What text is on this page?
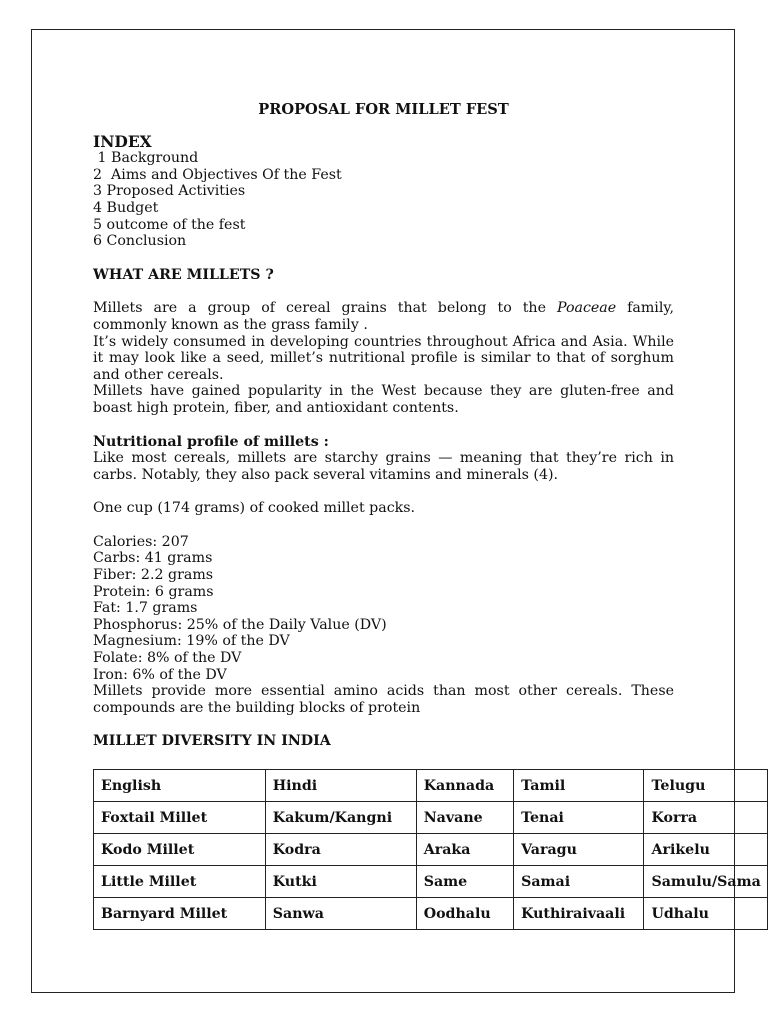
PROPOSAL FOR MILLET FEST

INDEX

1 Background
2  Aims and Objectives Of the Fest
3 Proposed Activities
4 Budget
5 outcome of the fest
6 Conclusion

WHAT ARE MILLETS ?

Millets are a group of cereal grains that belong to the Poaceae family, commonly known as the grass family .

It’s widely consumed in developing countries throughout Africa and Asia. While it may look like a seed, millet’s nutritional profile is similar to that of sorghum and other cereals.

Millets have gained popularity in the West because they are gluten-free and boast high protein, fiber, and antioxidant contents.

Nutritional profile of millets :

Like most cereals, millets are starchy grains — meaning that they’re rich in carbs. Notably, they also pack several vitamins and minerals (4).

One cup (174 grams) of cooked millet packs.

Calories: 207
Carbs: 41 grams
Fiber: 2.2 grams
Protein: 6 grams
Fat: 1.7 grams
Phosphorus: 25% of the Daily Value (DV)
Magnesium: 19% of the DV
Folate: 8% of the DV
Iron: 6% of the DV

Millets provide more essential amino acids than most other cereals. These compounds are the building blocks of protein

MILLET DIVERSITY IN INDIA

English	Hindi	Kannada	Tamil	Telugu
Foxtail Millet	Kakum/Kangni	Navane	Tenai	Korra
Kodo Millet	Kodra	Araka	Varagu	Arikelu
Little Millet	Kutki	Same	Samai	Samulu/Sama
Barnyard Millet	Sanwa	Oodhalu	Kuthiraivaali	Udhalu
